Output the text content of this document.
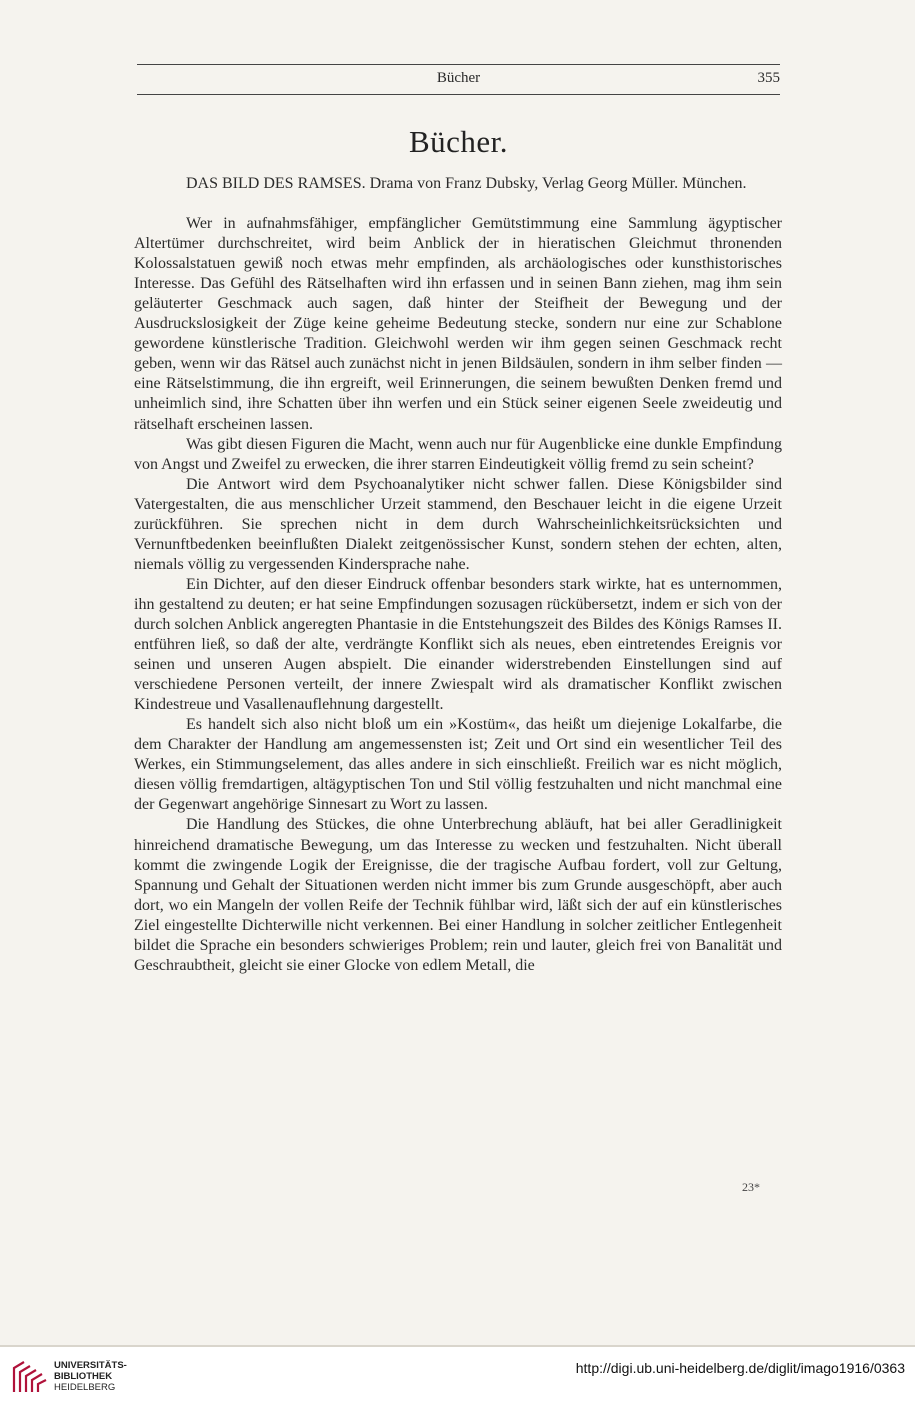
Bücher	355
Bücher.

DAS BILD DES RAMSES. Drama von Franz Dubsky, Verlag Georg Müller. München.

Wer in aufnahmsfähiger, empfänglicher Gemütstimmung eine Sammlung ägyptischer Altertümer durchschreitet, wird beim Anblick der in hieratischen Gleichmut thronenden Kolossalstatuen gewiß noch etwas mehr empfinden, als archäologisches oder kunsthistorisches Interesse. Das Gefühl des Rätselhaften wird ihn erfassen und in seinen Bann ziehen, mag ihm sein geläuterter Geschmack auch sagen, daß hinter der Steifheit der Bewegung und der Ausdruckslosigkeit der Züge keine geheime Bedeutung stecke, sondern nur eine zur Schablone gewordene künstlerische Tradition. Gleichwohl werden wir ihm gegen seinen Geschmack recht geben, wenn wir das Rätsel auch zunächst nicht in jenen Bildsäulen, sondern in ihm selber finden — eine Rätselstimmung, die ihn ergreift, weil Erinnerungen, die seinem bewußten Denken fremd und unheimlich sind, ihre Schatten über ihn werfen und ein Stück seiner eigenen Seele zweideutig und rätselhaft erscheinen lassen.

Was gibt diesen Figuren die Macht, wenn auch nur für Augenblicke eine dunkle Empfindung von Angst und Zweifel zu erwecken, die ihrer starren Eindeutigkeit völlig fremd zu sein scheint?

Die Antwort wird dem Psychoanalytiker nicht schwer fallen. Diese Königsbilder sind Vatergestalten, die aus menschlicher Urzeit stammend, den Beschauer leicht in die eigene Urzeit zurückführen. Sie sprechen nicht in dem durch Wahrscheinlichkeitsrücksichten und Vernunftbedenken beeinflußten Dialekt zeitgenössischer Kunst, sondern stehen der echten, alten, niemals völlig zu vergessenden Kindersprache nahe.

Ein Dichter, auf den dieser Eindruck offenbar besonders stark wirkte, hat es unternommen, ihn gestaltend zu deuten; er hat seine Empfindungen sozusagen rückübersetzt, indem er sich von der durch solchen Anblick angeregten Phantasie in die Entstehungszeit des Bildes des Königs Ramses II. entführen ließ, so daß der alte, verdrängte Konflikt sich als neues, eben eintretendes Ereignis vor seinen und unseren Augen abspielt. Die einander widerstrebenden Einstellungen sind auf verschiedene Personen verteilt, der innere Zwiespalt wird als dramatischer Konflikt zwischen Kindestreue und Vasallenauflehnung dargestellt.

Es handelt sich also nicht bloß um ein »Kostüm«, das heißt um diejenige Lokalfarbe, die dem Charakter der Handlung am angemessensten ist; Zeit und Ort sind ein wesentlicher Teil des Werkes, ein Stimmungselement, das alles andere in sich einschließt. Freilich war es nicht möglich, diesen völlig fremdartigen, altägyptischen Ton und Stil völlig festzuhalten und nicht manchmal eine der Gegenwart angehörige Sinnesart zu Wort zu lassen.

Die Handlung des Stückes, die ohne Unterbrechung abläuft, hat bei aller Geradlinigkeit hinreichend dramatische Bewegung, um das Interesse zu wecken und festzuhalten. Nicht überall kommt die zwingende Logik der Ereignisse, die der tragische Aufbau fordert, voll zur Geltung, Spannung und Gehalt der Situationen werden nicht immer bis zum Grunde ausgeschöpft, aber auch dort, wo ein Mangeln der vollen Reife der Technik fühlbar wird, läßt sich der auf ein künstlerisches Ziel eingestellte Dichterwille nicht verkennen. Bei einer Handlung in solcher zeitlicher Entlegenheit bildet die Sprache ein besonders schwieriges Problem; rein und lauter, gleich frei von Banalität und Geschraubtheit, gleicht sie einer Glocke von edlem Metall, die

23*
UNIVERSITÄTS-
BIBLIOTHEK
HEIDELBERG
http://digi.ub.uni-heidelberg.de/diglit/imago1916/0363
